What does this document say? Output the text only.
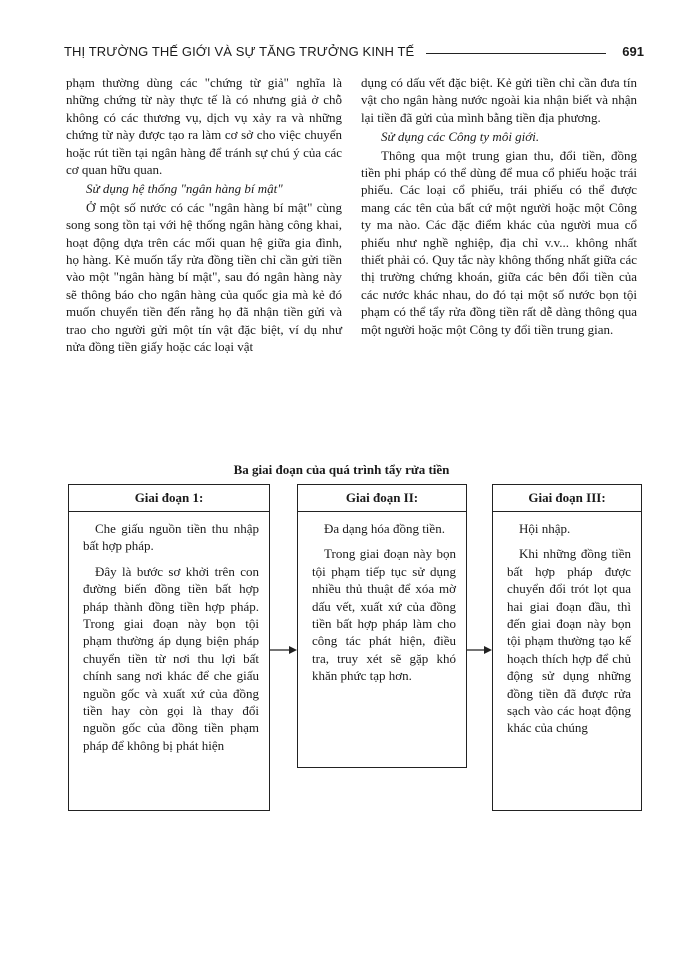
THỊ TRƯỜNG THẾ GIỚI VÀ SỰ TĂNG TRƯỞNG KINH TẾ	691

phạm thường dùng các "chứng từ giả" nghĩa là những chứng từ này thực tế là có nhưng giả ở chỗ không có các thương vụ, dịch vụ xảy ra và những chứng từ này được tạo ra làm cơ sở cho việc chuyển hoặc rút tiền tại ngân hàng để tránh sự chú ý của các cơ quan hữu quan.

Sử dụng hệ thống "ngân hàng bí mật"

Ở một số nước có các "ngân hàng bí mật" cùng song song tồn tại với hệ thống ngân hàng công khai, hoạt động dựa trên các mối quan hệ giữa gia đình, họ hàng. Kẻ muốn tẩy rửa đồng tiền chỉ cần gửi tiền vào một "ngân hàng bí mật", sau đó ngân hàng này sẽ thông báo cho ngân hàng của quốc gia mà kẻ đó muốn chuyển tiền đến rằng họ đã nhận tiền gửi và trao cho người gửi một tín vật đặc biệt, ví dụ như nửa đồng tiền giấy hoặc các loại vật

dụng có dấu vết đặc biệt. Kẻ gửi tiền chỉ cần đưa tín vật cho ngân hàng nước ngoài kia nhận biết và nhận lại tiền đã gửi của mình bằng tiền địa phương.

Sử dụng các Công ty môi giới.

Thông qua một trung gian thu, đổi tiền, đồng tiền phi pháp có thể dùng để mua cổ phiếu hoặc trái phiếu. Các loại cổ phiếu, trái phiếu có thể được mang các tên của bất cứ một người hoặc một Công ty ma nào. Các đặc điểm khác của người mua cổ phiếu như nghề nghiệp, địa chỉ v.v... không nhất thiết phải có. Quy tắc này không thống nhất giữa các thị trường chứng khoán, giữa các bên đổi tiền của các nước khác nhau, do đó tại một số nước bọn tội phạm có thể tẩy rửa đồng tiền rất dễ dàng thông qua một người hoặc một Công ty đổi tiền trung gian.

Ba giai đoạn của quá trình tẩy rửa tiền
Giai đoạn 1:

Che giấu nguồn tiền thu nhập bất hợp pháp.

Đây là bước sơ khởi trên con đường biến đồng tiền bất hợp pháp thành đồng tiền hợp pháp. Trong giai đoạn này bọn tội phạm thường áp dụng biện pháp chuyển tiền từ nơi thu lợi bất chính sang nơi khác để che giấu nguồn gốc và xuất xứ của đồng tiền hay còn gọi là thay đổi nguồn gốc của đồng tiền phạm pháp để không bị phát hiện

Giai đoạn II:

Đa dạng hóa đồng tiền.

Trong giai đoạn này bọn tội phạm tiếp tục sử dụng nhiều thủ thuật để xóa mờ dấu vết, xuất xứ của đồng tiền bất hợp pháp làm cho công tác phát hiện, điều tra, truy xét sẽ gặp khó khăn phức tạp hơn.

Giai đoạn III:

Hội nhập.

Khi những đồng tiền bất hợp pháp được chuyển đổi trót lọt qua hai giai đoạn đầu, thì đến giai đoạn này bọn tội phạm thường tạo kế hoạch thích hợp để chủ động sử dụng những đồng tiền đã được rửa sạch vào các hoạt động khác của chúng
